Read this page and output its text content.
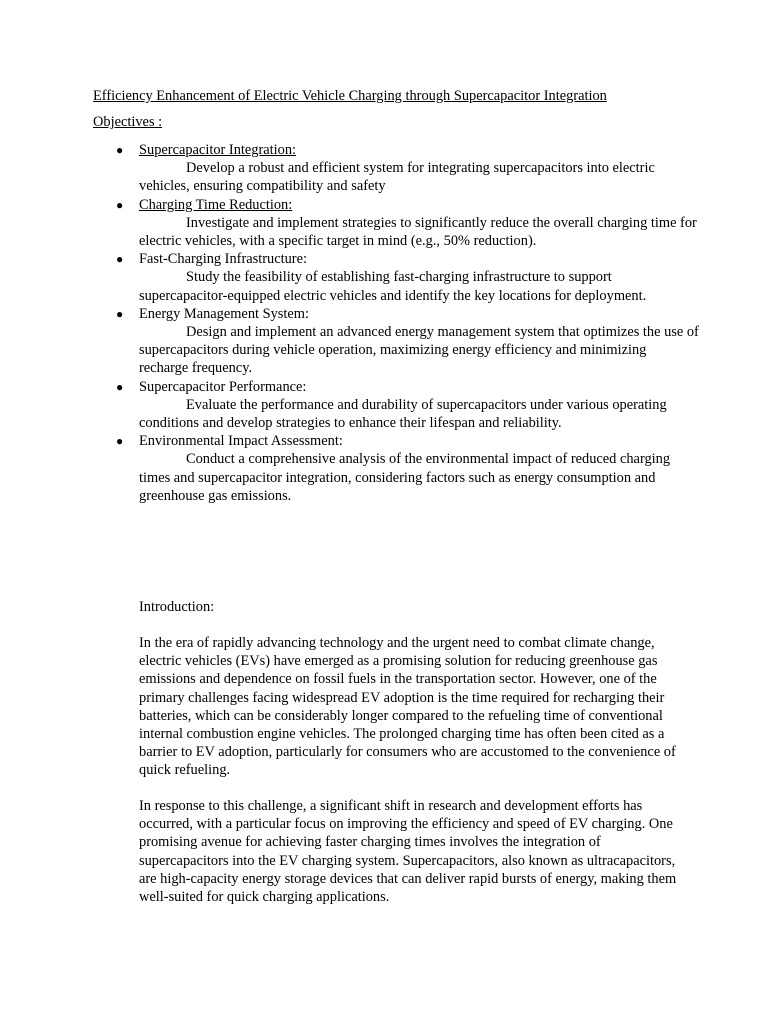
Efficiency Enhancement of Electric Vehicle Charging through Supercapacitor Integration
Objectives :
● Supercapacitor Integration:
Develop a robust and efficient system for integrating supercapacitors into electric vehicles, ensuring compatibility and safety
● Charging Time Reduction:
Investigate and implement strategies to significantly reduce the overall charging time for electric vehicles, with a specific target in mind (e.g., 50% reduction).
● Fast-Charging Infrastructure:
Study the feasibility of establishing fast-charging infrastructure to support supercapacitor-equipped electric vehicles and identify the key locations for deployment.
● Energy Management System:
Design and implement an advanced energy management system that optimizes the use of supercapacitors during vehicle operation, maximizing energy efficiency and minimizing recharge frequency.
● Supercapacitor Performance:
Evaluate the performance and durability of supercapacitors under various operating conditions and develop strategies to enhance their lifespan and reliability.
● Environmental Impact Assessment:
Conduct a comprehensive analysis of the environmental impact of reduced charging times and supercapacitor integration, considering factors such as energy consumption and greenhouse gas emissions.
Introduction:

In the era of rapidly advancing technology and the urgent need to combat climate change, electric vehicles (EVs) have emerged as a promising solution for reducing greenhouse gas emissions and dependence on fossil fuels in the transportation sector. However, one of the primary challenges facing widespread EV adoption is the time required for recharging their batteries, which can be considerably longer compared to the refueling time of conventional internal combustion engine vehicles. The prolonged charging time has often been cited as a barrier to EV adoption, particularly for consumers who are accustomed to the convenience of quick refueling.

In response to this challenge, a significant shift in research and development efforts has occurred, with a particular focus on improving the efficiency and speed of EV charging. One promising avenue for achieving faster charging times involves the integration of supercapacitors into the EV charging system. Supercapacitors, also known as ultracapacitors, are high-capacity energy storage devices that can deliver rapid bursts of energy, making them well-suited for quick charging applications.
